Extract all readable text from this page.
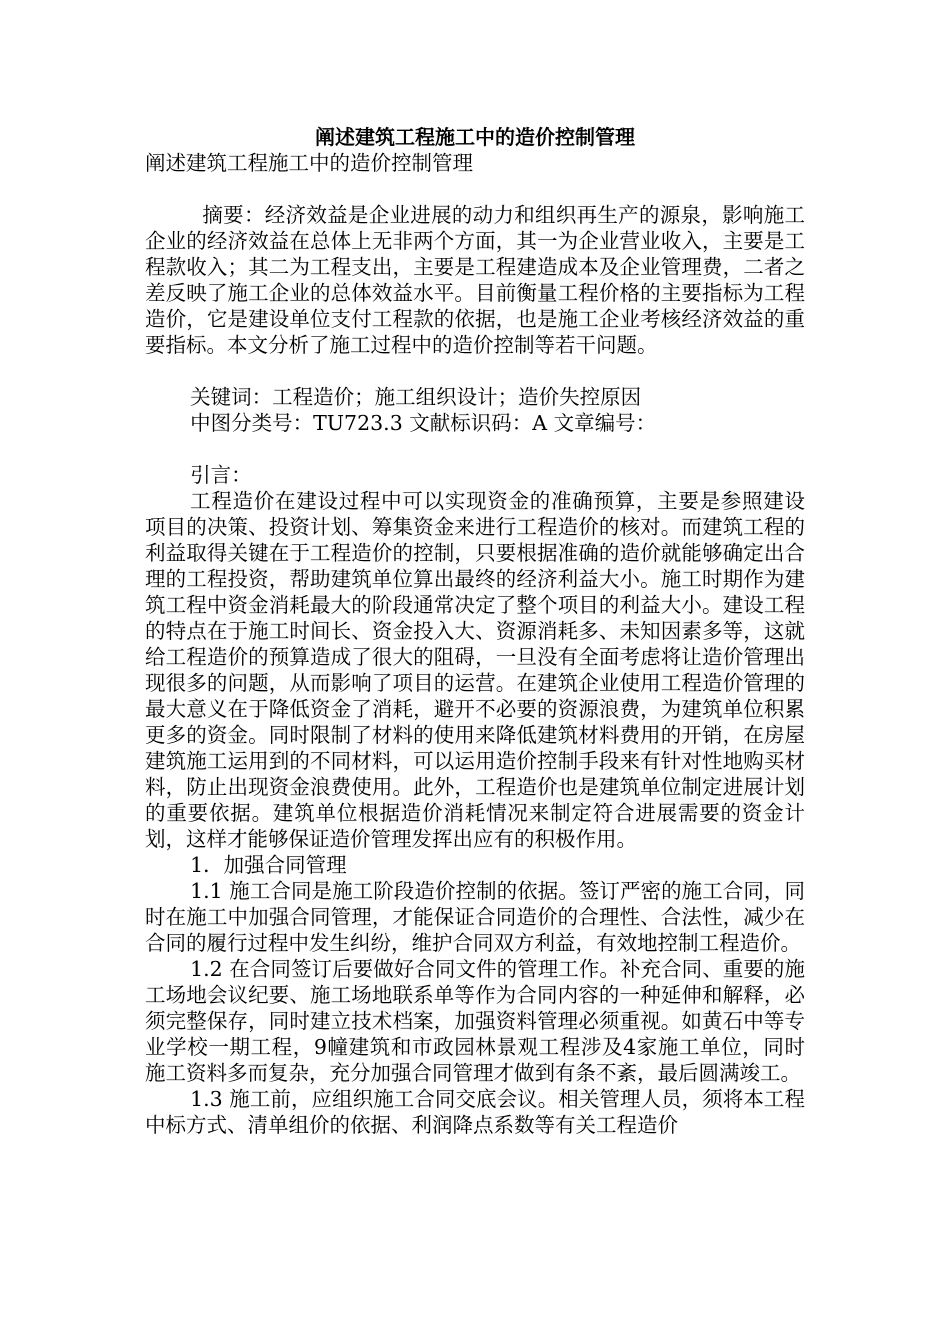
阐述建筑工程施工中的造价控制管理

阐述建筑工程施工中的造价控制管理

摘要：经济效益是企业进展的动力和组织再生产的源泉，影响施工企业的经济效益在总体上无非两个方面，其一为企业营业收入，主要是工程款收入；其二为工程支出，主要是工程建造成本及企业管理费，二者之差反映了施工企业的总体效益水平。目前衡量工程价格的主要指标为工程造价，它是建设单位支付工程款的依据，也是施工企业考核经济效益的重要指标。本文分析了施工过程中的造价控制等若干问题。

关键词：工程造价；施工组织设计；造价失控原因

中图分类号：TU723.3 文献标识码：A 文章编号：

引言：

工程造价在建设过程中可以实现资金的准确预算，主要是参照建设项目的决策、投资计划、筹集资金来进行工程造价的核对。而建筑工程的利益取得关键在于工程造价的控制，只要根据准确的造价就能够确定出合理的工程投资，帮助建筑单位算出最终的经济利益大小。施工时期作为建筑工程中资金消耗最大的阶段通常决定了整个项目的利益大小。建设工程的特点在于施工时间长、资金投入大、资源消耗多、未知因素多等，这就给工程造价的预算造成了很大的阻碍，一旦没有全面考虑将让造价管理出现很多的问题，从而影响了项目的运营。在建筑企业使用工程造价管理的最大意义在于降低资金了消耗，避开不必要的资源浪费，为建筑单位积累更多的资金。同时限制了材料的使用来降低建筑材料费用的开销，在房屋建筑施工运用到的不同材料，可以运用造价控制手段来有针对性地购买材料，防止出现资金浪费使用。此外，工程造价也是建筑单位制定进展计划的重要依据。建筑单位根据造价消耗情况来制定符合进展需要的资金计划，这样才能够保证造价管理发挥出应有的积极作用。

1．加强合同管理

1.1 施工合同是施工阶段造价控制的依据。签订严密的施工合同，同时在施工中加强合同管理，才能保证合同造价的合理性、合法性，减少在合同的履行过程中发生纠纷，维护合同双方利益，有效地控制工程造价。

1.2 在合同签订后要做好合同文件的管理工作。补充合同、重要的施工场地会议纪要、施工场地联系单等作为合同内容的一种延伸和解释，必须完整保存，同时建立技术档案，加强资料管理必须重视。如黄石中等专业学校一期工程，9幢建筑和市政园林景观工程涉及4家施工单位，同时施工资料多而复杂，充分加强合同管理才做到有条不紊，最后圆满竣工。

1.3 施工前，应组织施工合同交底会议。相关管理人员，须将本工程中标方式、清单组价的依据、利润降点系数等有关工程造价
